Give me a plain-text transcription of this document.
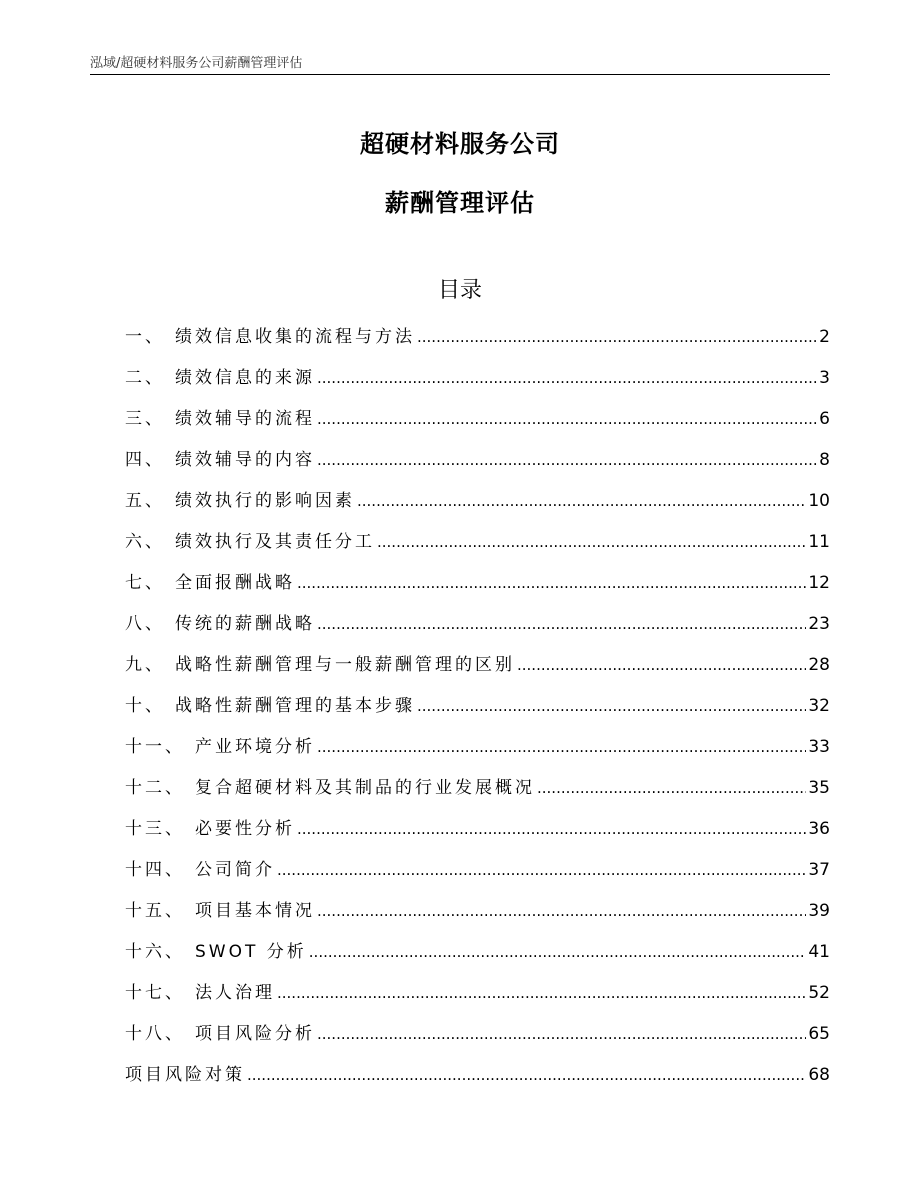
泓域/超硬材料服务公司薪酬管理评估
超硬材料服务公司
薪酬管理评估
目录
一、 绩效信息收集的流程与方法 .....	2
二、 绩效信息的来源 .....	3
三、 绩效辅导的流程 .....	6
四、 绩效辅导的内容 .....	8
五、 绩效执行的影响因素 .....	10
六、 绩效执行及其责任分工 .....	11
七、 全面报酬战略 .....	12
八、 传统的薪酬战略 .....	23
九、 战略性薪酬管理与一般薪酬管理的区别 .....	28
十、 战略性薪酬管理的基本步骤 .....	32
十一、 产业环境分析 .....	33
十二、 复合超硬材料及其制品的行业发展概况 .....	35
十三、 必要性分析 .....	36
十四、 公司简介 .....	37
十五、 项目基本情况 .....	39
十六、 SWOT 分析 .....	41
十七、 法人治理 .....	52
十八、 项目风险分析 .....	65
项目风险对策 .....	68
